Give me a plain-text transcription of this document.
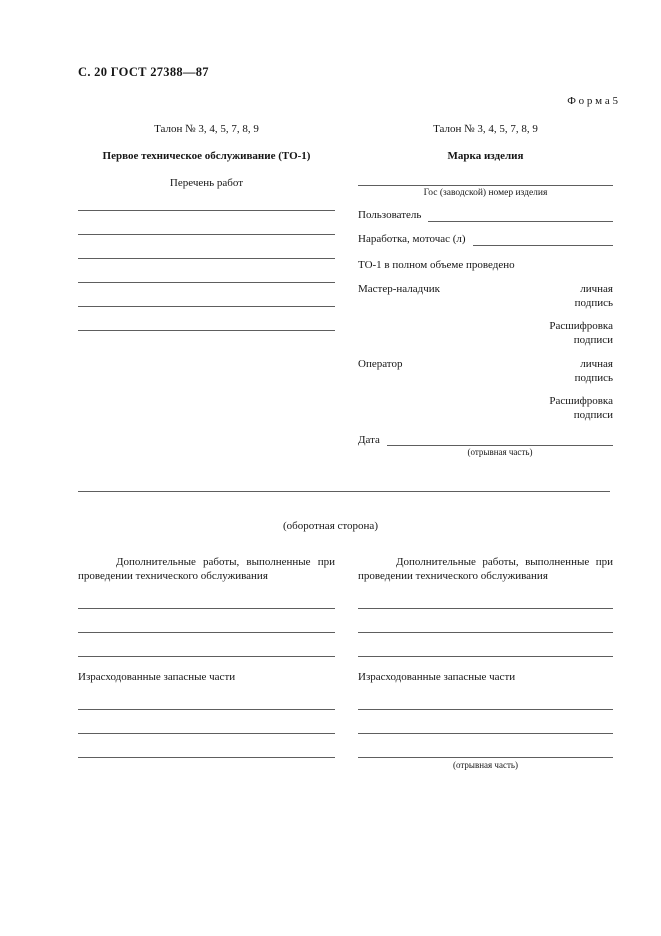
С. 20 ГОСТ 27388—87
Ф о р м а 5
Талон № 3, 4, 5, 7, 8, 9
Первое техническое обслуживание (ТО-1)
Перечень работ
Талон № 3, 4, 5, 7, 8, 9
Марка изделия
Гос (заводской) номер изделия
Пользователь
Наработка, моточас (л)
ТО-1 в полном объеме проведено
Мастер-наладчик	личная подпись
Расшифровка подписи
Оператор	личная подпись
Расшифровка подписи
Дата
(отрывная часть)
(оборотная сторона)

Дополнительные работы, выполненные при проведении технического обслуживания

Израсходованные запасные части

Дополнительные работы, выполненные при проведении технического обслуживания

Израсходованные запасные части
(отрывная часть)
